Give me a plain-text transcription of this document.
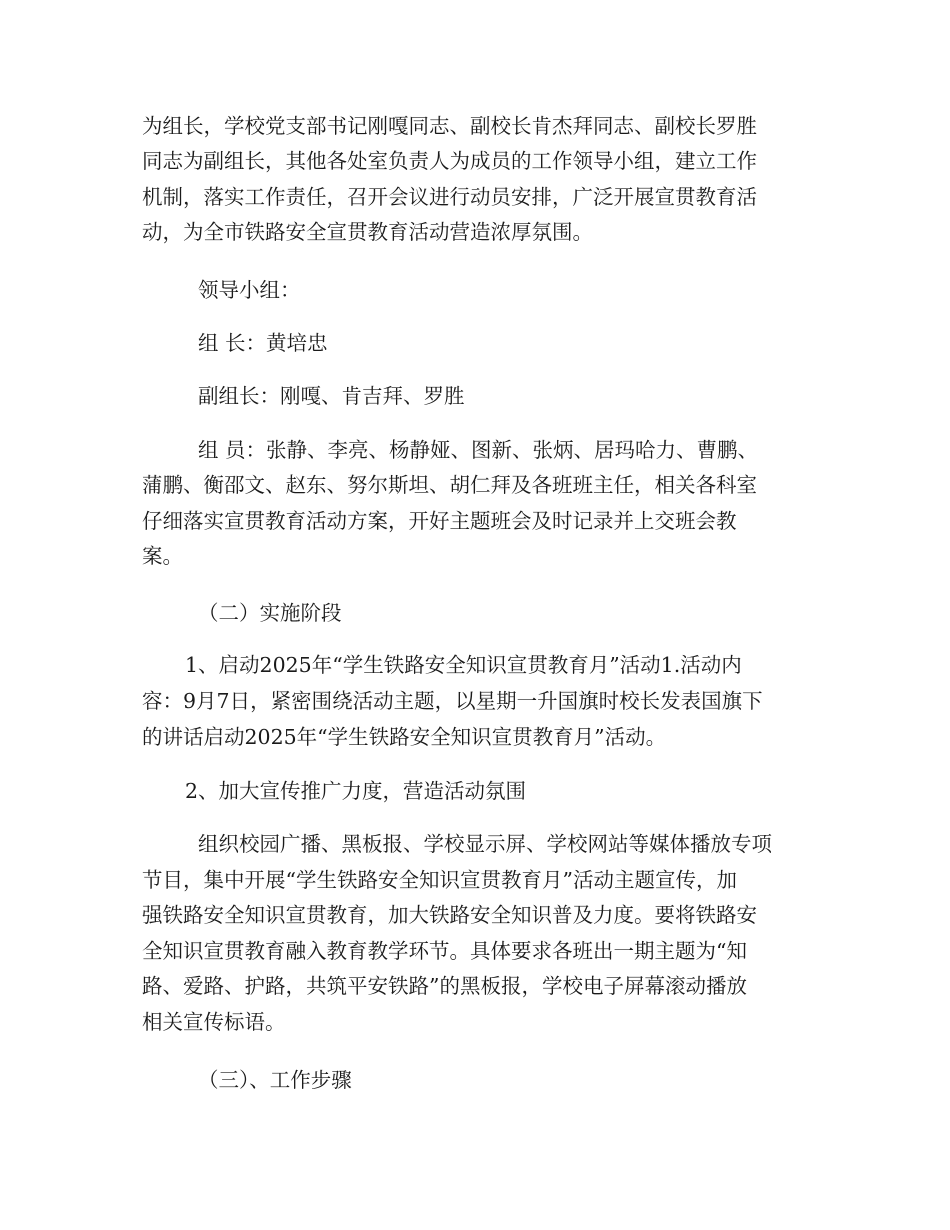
为组长，学校党支部书记刚嘎同志、副校长肯杰拜同志、副校长罗胜
同志为副组长，其他各处室负责人为成员的工作领导小组，建立工作
机制，落实工作责任，召开会议进行动员安排，广泛开展宣贯教育活
动，为全市铁路安全宣贯教育活动营造浓厚氛围。
领导小组：
组 长：黄培忠
副组长：刚嘎、肯吉拜、罗胜
组 员：张静、李亮、杨静娅、图新、张炳、居玛哈力、曹鹏、
蒲鹏、衡邵文、赵东、努尔斯坦、胡仁拜及各班班主任，相关各科室
仔细落实宣贯教育活动方案，开好主题班会及时记录并上交班会教
案。
（二）实施阶段
1、启动2025年“学生铁路安全知识宣贯教育月”活动1.活动内
容：9月7日，紧密围绕活动主题，以星期一升国旗时校长发表国旗下
的讲话启动2025年“学生铁路安全知识宣贯教育月”活动。
2、加大宣传推广力度，营造活动氛围
组织校园广播、黑板报、学校显示屏、学校网站等媒体播放专项
节目，集中开展“学生铁路安全知识宣贯教育月”活动主题宣传，加
强铁路安全知识宣贯教育，加大铁路安全知识普及力度。要将铁路安
全知识宣贯教育融入教育教学环节。具体要求各班出一期主题为“知
路、爱路、护路，共筑平安铁路”的黑板报，学校电子屏幕滚动播放
相关宣传标语。
（三）、工作步骤
